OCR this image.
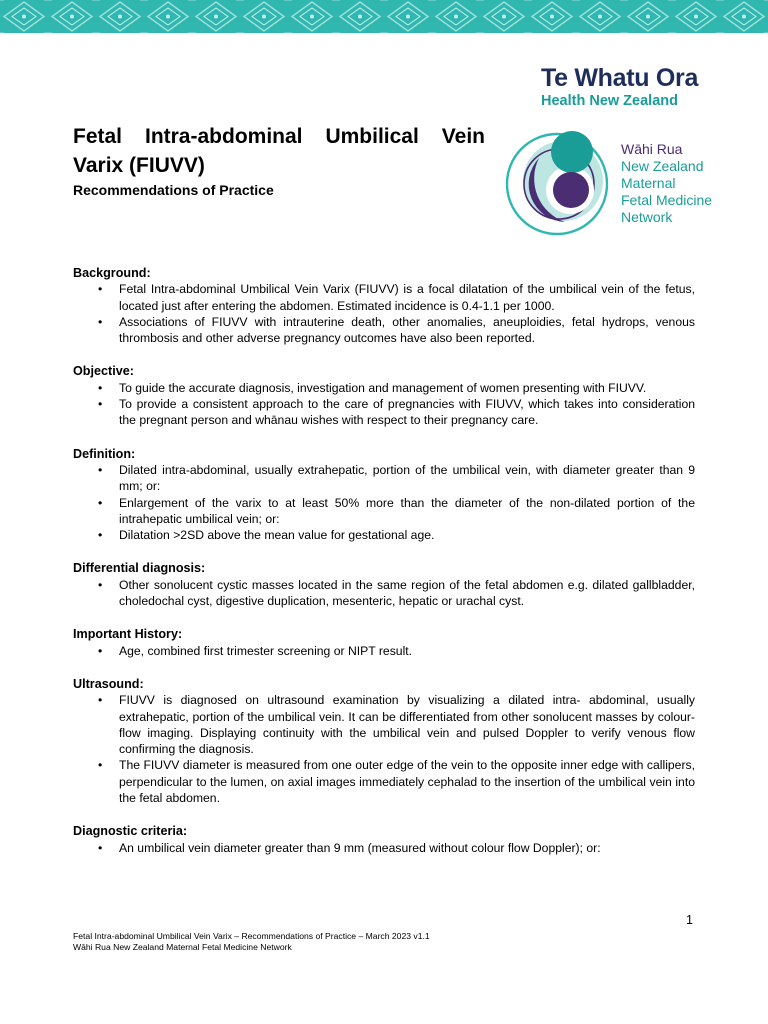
Te Whatu Ora
Health New Zealand
Wāhi Rua
New Zealand
Maternal
Fetal Medicine
Network
Fetal Intra-abdominal Umbilical Vein Varix (FIUVV)
Recommendations of Practice
Background:
• Fetal Intra-abdominal Umbilical Vein Varix (FIUVV) is a focal dilatation of the umbilical vein of the fetus, located just after entering the abdomen. Estimated incidence is 0.4-1.1 per 1000.
• Associations of FIUVV with intrauterine death, other anomalies, aneuploidies, fetal hydrops, venous thrombosis and other adverse pregnancy outcomes have also been reported.
Objective:
• To guide the accurate diagnosis, investigation and management of women presenting with FIUVV.
• To provide a consistent approach to the care of pregnancies with FIUVV, which takes into consideration the pregnant person and whānau wishes with respect to their pregnancy care.
Definition:
• Dilated intra-abdominal, usually extrahepatic, portion of the umbilical vein, with diameter greater than 9 mm; or:
• Enlargement of the varix to at least 50% more than the diameter of the non-dilated portion of the intrahepatic umbilical vein; or:
• Dilatation >2SD above the mean value for gestational age.
Differential diagnosis:
• Other sonolucent cystic masses located in the same region of the fetal abdomen e.g. dilated gallbladder, choledochal cyst, digestive duplication, mesenteric, hepatic or urachal cyst.
Important History:
• Age, combined first trimester screening or NIPT result.
Ultrasound:
• FIUVV is diagnosed on ultrasound examination by visualizing a dilated intra- abdominal, usually extrahepatic, portion of the umbilical vein. It can be differentiated from other sonolucent masses by colour-flow imaging. Displaying continuity with the umbilical vein and pulsed Doppler to verify venous flow confirming the diagnosis.
• The FIUVV diameter is measured from one outer edge of the vein to the opposite inner edge with callipers, perpendicular to the lumen, on axial images immediately cephalad to the insertion of the umbilical vein into the fetal abdomen.
Diagnostic criteria:
• An umbilical vein diameter greater than 9 mm (measured without colour flow Doppler); or:
1
Fetal Intra-abdominal Umbilical Vein Varix – Recommendations of Practice – March 2023 v1.1
Wāhi Rua New Zealand Maternal Fetal Medicine Network
